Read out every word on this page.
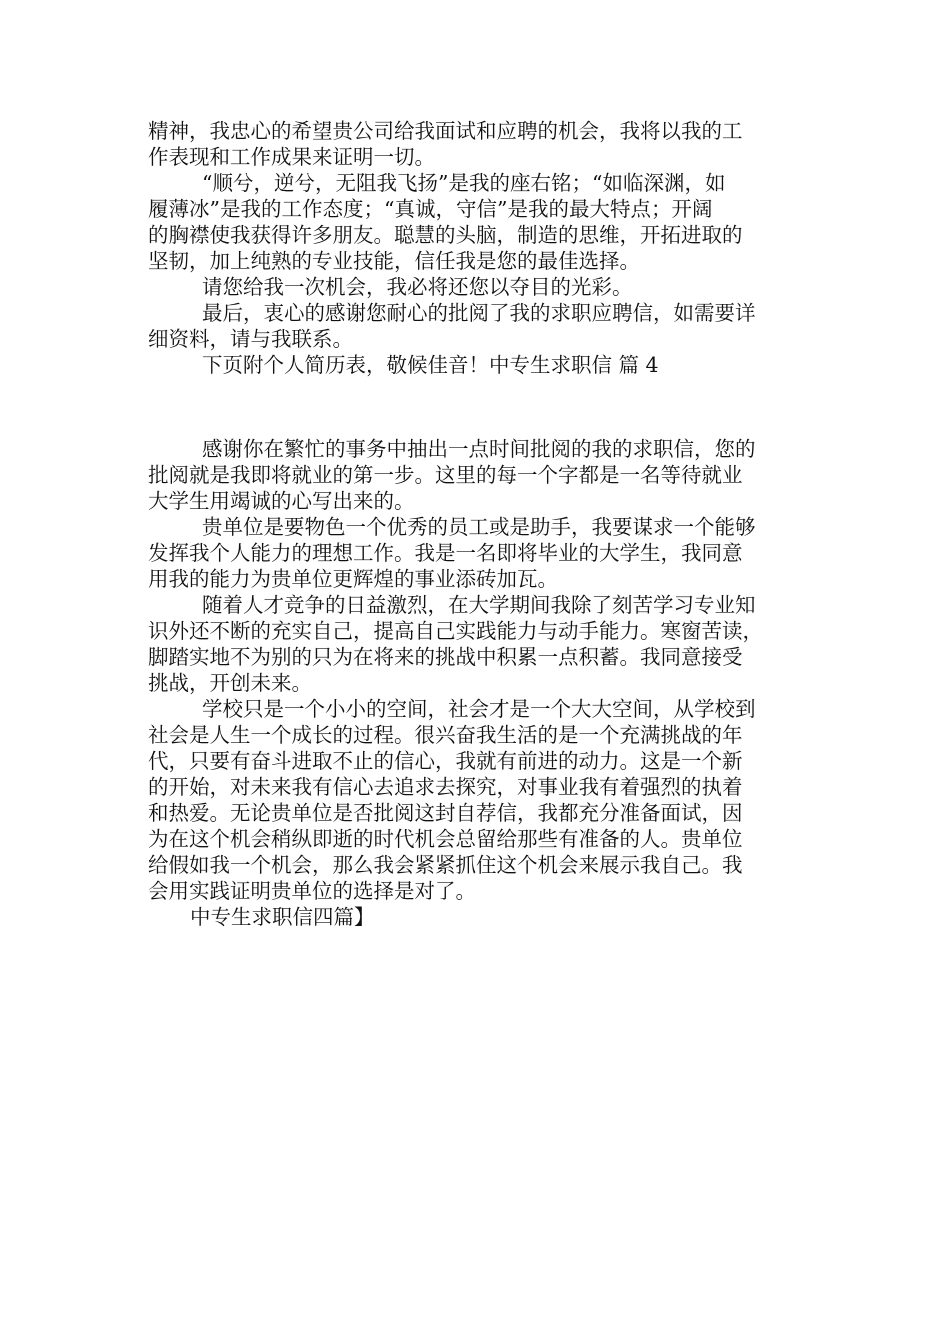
精神，我忠心的希望贵公司给我面试和应聘的机会，我将以我的工
作表现和工作成果来证明一切。
“顺兮，逆兮，无阻我飞扬”是我的座右铭；“如临深渊，如
履薄冰”是我的工作态度；“真诚，守信”是我的最大特点；开阔
的胸襟使我获得许多朋友。聪慧的头脑，制造的思维，开拓进取的
坚韧，加上纯熟的专业技能，信任我是您的最佳选择。
请您给我一次机会，我必将还您以夺目的光彩。
最后，衷心的感谢您耐心的批阅了我的求职应聘信，如需要详
细资料，请与我联系。
下页附个人简历表，敬候佳音！中专生求职信 篇 4
感谢你在繁忙的事务中抽出一点时间批阅的我的求职信，您的
批阅就是我即将就业的第一步。这里的每一个字都是一名等待就业
大学生用竭诚的心写出来的。
贵单位是要物色一个优秀的员工或是助手，我要谋求一个能够
发挥我个人能力的理想工作。我是一名即将毕业的大学生，我同意
用我的能力为贵单位更辉煌的事业添砖加瓦。
随着人才竞争的日益激烈，在大学期间我除了刻苦学习专业知
识外还不断的充实自己，提高自己实践能力与动手能力。寒窗苦读，
脚踏实地不为别的只为在将来的挑战中积累一点积蓄。我同意接受
挑战，开创未来。
学校只是一个小小的空间，社会才是一个大大空间，从学校到
社会是人生一个成长的过程。很兴奋我生活的是一个充满挑战的年
代，只要有奋斗进取不止的信心，我就有前进的动力。这是一个新
的开始，对未来我有信心去追求去探究，对事业我有着强烈的执着
和热爱。无论贵单位是否批阅这封自荐信，我都充分准备面试，因
为在这个机会稍纵即逝的时代机会总留给那些有准备的人。贵单位
给假如我一个机会，那么我会紧紧抓住这个机会来展示我自己。我
会用实践证明贵单位的选择是对了。
中专生求职信四篇】
